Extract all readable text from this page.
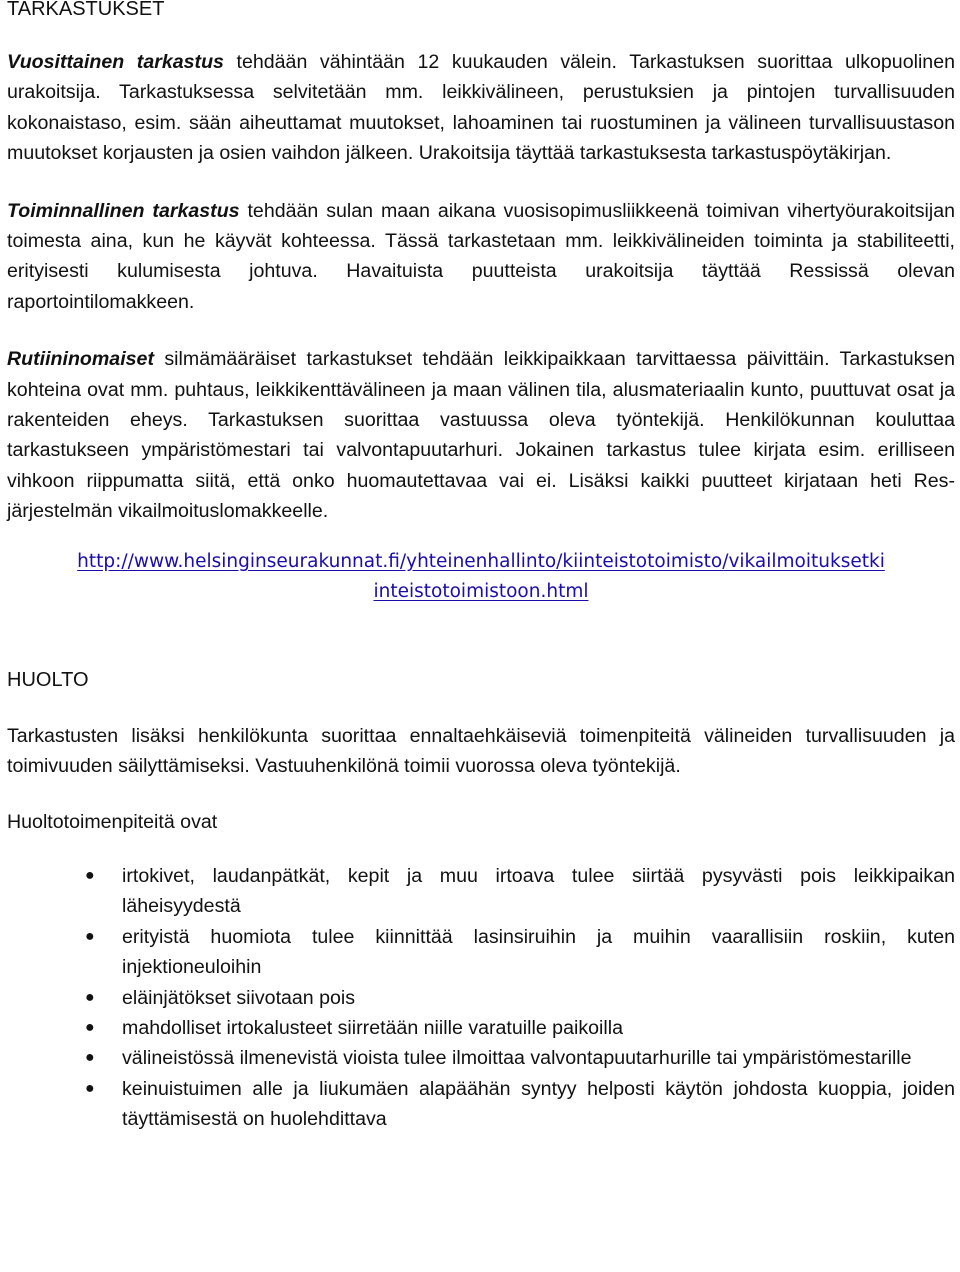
TARKASTUKSET

Vuosittainen tarkastus tehdään vähintään 12 kuukauden välein. Tarkastuksen suorittaa ulkopuolinen urakoitsija. Tarkastuksessa selvitetään mm. leikkivälineen, perustuksien ja pintojen turvallisuuden kokonaistaso, esim. sään aiheuttamat muutokset, lahoaminen tai ruostuminen ja välineen turvallisuustason muutokset korjausten ja osien vaihdon jälkeen. Urakoitsija täyttää tarkastuksesta tarkastuspöytäkirjan.

Toiminnallinen tarkastus tehdään sulan maan aikana vuosisopimusliikkeenä toimivan vihertyöurakoitsijan toimesta aina, kun he käyvät kohteessa. Tässä tarkastetaan mm. leikkivälineiden toiminta ja stabiliteetti, erityisesti kulumisesta johtuva. Havaituista puutteista urakoitsija täyttää Ressissä olevan raportointilomakkeen.

Rutiininomaiset silmämääräiset tarkastukset tehdään leikkipaikkaan tarvittaessa päivittäin. Tarkastuksen kohteina ovat mm. puhtaus, leikkikenttävälineen ja maan välinen tila, alusmateriaalin kunto, puuttuvat osat ja rakenteiden eheys. Tarkastuksen suorittaa vastuussa oleva työntekijä. Henkilökunnan kouluttaa tarkastukseen ympäristömestari tai valvontapuutarhuri. Jokainen tarkastus tulee kirjata esim. erilliseen vihkoon riippumatta siitä, että onko huomautettavaa vai ei. Lisäksi kaikki puutteet kirjataan heti Res-järjestelmän vikailmoituslomakkeelle.

http://www.helsinginseurakunnat.fi/yhteinenhallinto/kiinteistotoimisto/vikailmoituksetki
inteistotoimistoon.html
HUOLTO

Tarkastusten lisäksi henkilökunta suorittaa ennaltaehkäiseviä toimenpiteitä välineiden turvallisuuden ja toimivuuden säilyttämiseksi. Vastuuhenkilönä toimii vuorossa oleva työntekijä.

Huoltotoimenpiteitä ovat

● irtokivet, laudanpätkät, kepit ja muu irtoava tulee siirtää pysyvästi pois leikkipaikan läheisyydestä
● erityistä huomiota tulee kiinnittää lasinsiruihin ja muihin vaarallisiin roskiin, kuten injektioneuloihin
● eläinjätökset siivotaan pois
● mahdolliset irtokalusteet siirretään niille varatuille paikoilla
● välineistössä ilmenevistä vioista tulee ilmoittaa valvontapuutarhurille tai ympäristömestarille
● keinuistuimen alle ja liukumäen alapäähän syntyy helposti käytön johdosta kuoppia, joiden täyttämisestä on huolehdittava
